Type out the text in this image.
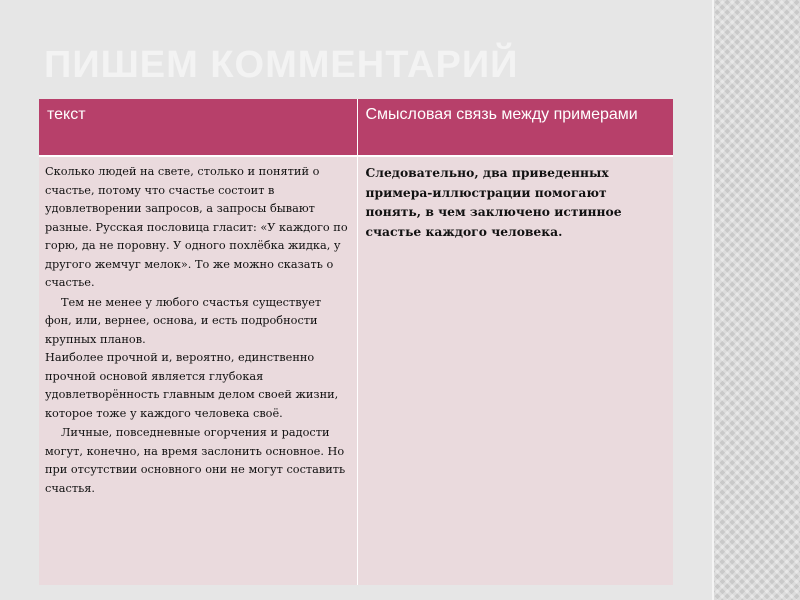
ПИШЕМ КОММЕНТАРИЙ
текст	Смысловая связь между примерами

Сколько людей на свете, столько и понятий о счастье, потому что счастье состоит в удовлетворении запросов, а запросы бывают разные. Русская пословица гласит: «У каждого по горю, да не поровну. У одного похлёбка жидка, у другого жемчуг мелок». То же можно сказать о счастье.

Тем не менее у любого счастья существует фон, или, вернее, основа, и есть подробности крупных планов.

Наиболее прочной и, вероятно, единственно прочной основой является глубокая удовлетворённость главным делом своей жизни, которое тоже у каждого человека своё.

Личные, повседневные огорчения и радости могут, конечно, на время заслонить основное. Но при отсутствии основного они не могут составить счастья.	Следовательно, два приведенных примера-иллюстрации помогают понять, в чем заключено истинное счастье каждого человека.
